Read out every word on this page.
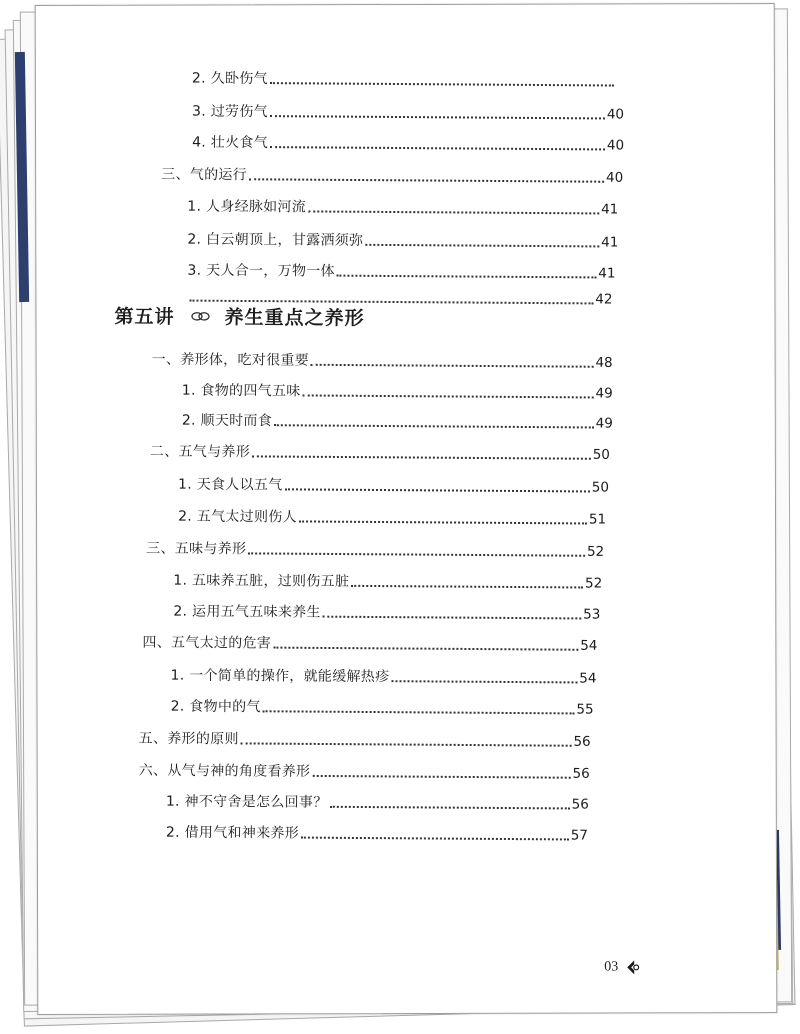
2. 久卧伤气
3. 过劳伤气	40
4. 壮火食气	40
三、气的运行	40
1. 人身经脉如河流	41
2. 白云朝顶上，甘露洒须弥	41
3. 天人合一，万物一体	41
42
第五讲	养生重点之养形
一、养形体，吃对很重要	48
1. 食物的四气五味	49
2. 顺天时而食	49
二、五气与养形	50
1. 天食人以五气	50
2. 五气太过则伤人	51
三、五味与养形	52
1. 五味养五脏，过则伤五脏	52
2. 运用五气五味来养生	53
四、五气太过的危害	54
1. 一个简单的操作，就能缓解热疹	54
2. 食物中的气	55
五、养形的原则	56
六、从气与神的角度看养形	56
1. 神不守舍是怎么回事？	56
2. 借用气和神来养形	57
03
